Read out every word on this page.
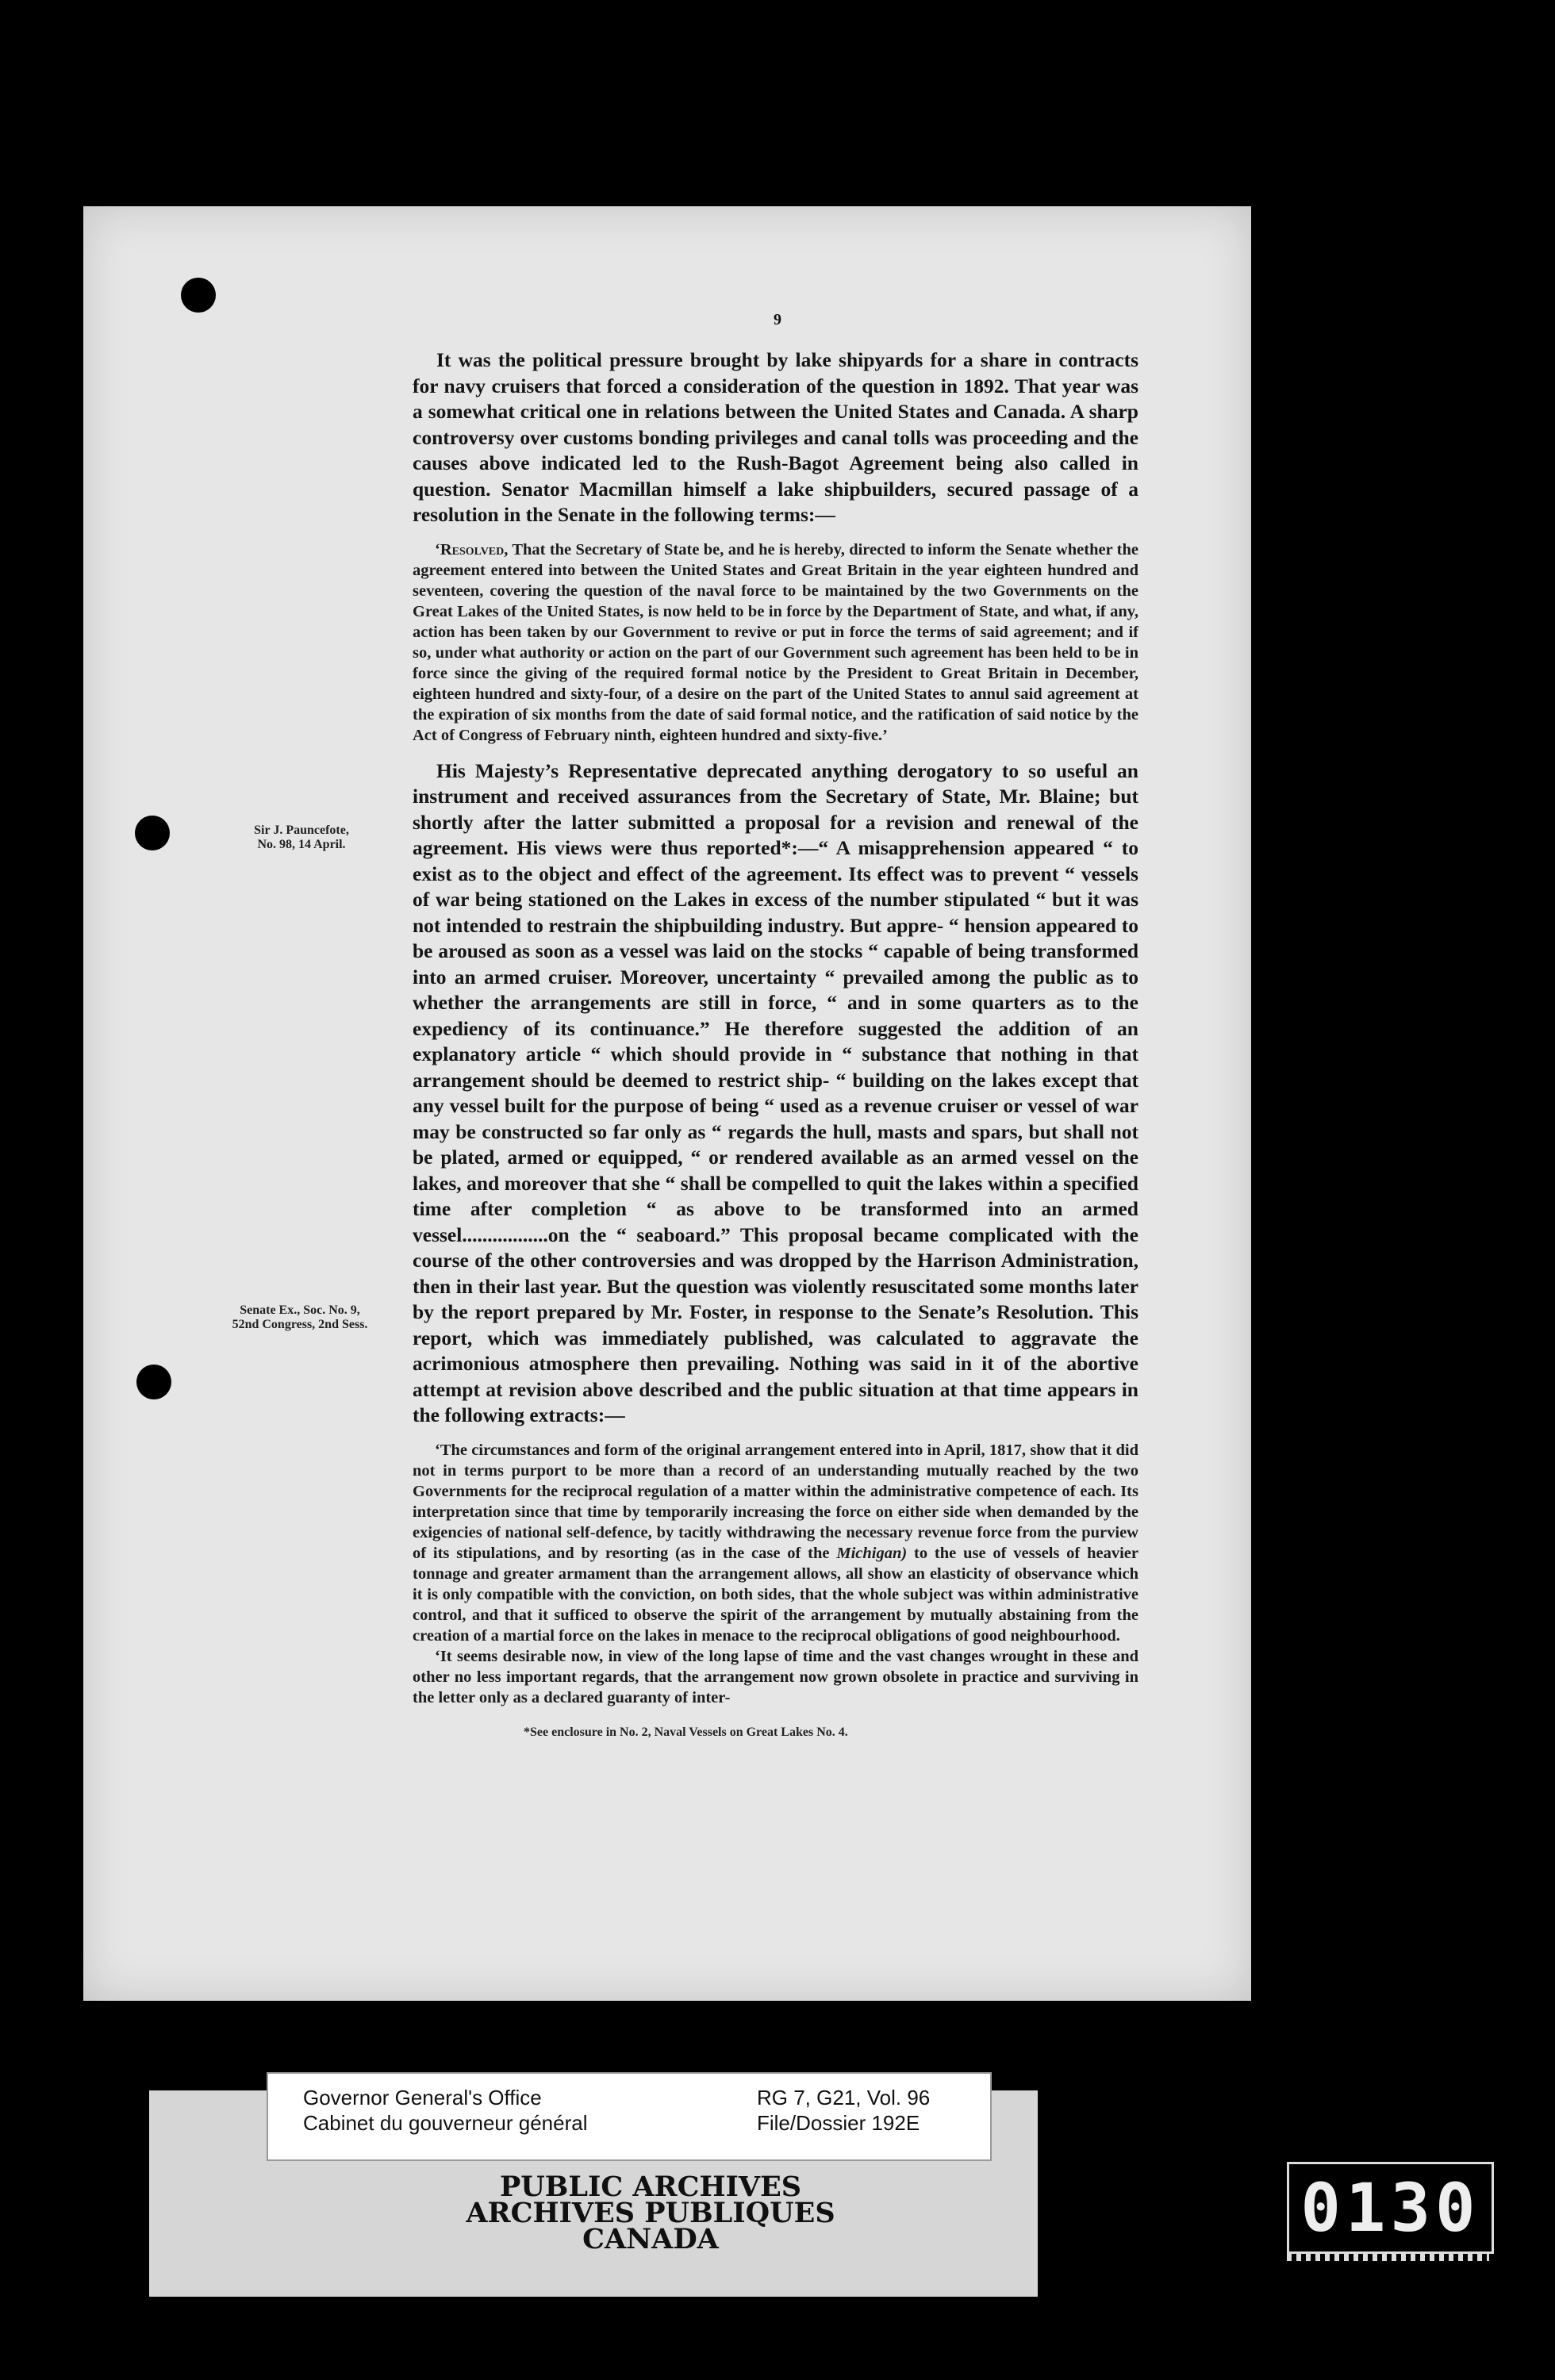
9
Sir J. Pauncefote,
No. 98, 14 April.
Senate Ex., Soc. No. 9,
52nd Congress, 2nd Sess.

It was the political pressure brought by lake shipyards for a share in contracts for navy cruisers that forced a consideration of the question in 1892. That year was a somewhat critical one in relations between the United States and Canada. A sharp controversy over customs bonding privileges and canal tolls was proceeding and the causes above indicated led to the Rush-Bagot Agreement being also called in question. Senator Macmillan himself a lake shipbuilders, secured passage of a resolution in the Senate in the following terms:—

‘Resolved, That the Secretary of State be, and he is hereby, directed to inform the Senate whether the agreement entered into between the United States and Great Britain in the year eighteen hundred and seventeen, covering the question of the naval force to be maintained by the two Governments on the Great Lakes of the United States, is now held to be in force by the Department of State, and what, if any, action has been taken by our Government to revive or put in force the terms of said agreement; and if so, under what authority or action on the part of our Government such agreement has been held to be in force since the giving of the required formal notice by the President to Great Britain in December, eighteen hundred and sixty-four, of a desire on the part of the United States to annul said agreement at the expiration of six months from the date of said formal notice, and the ratification of said notice by the Act of Congress of February ninth, eighteen hundred and sixty-five.’

His Majesty’s Representative deprecated anything derogatory to so useful an instrument and received assurances from the Secretary of State, Mr. Blaine; but shortly after the latter submitted a proposal for a revision and renewal of the agreement. His views were thus reported*:—“ A misapprehension appeared “ to exist as to the object and effect of the agreement. Its effect was to prevent “ vessels of war being stationed on the Lakes in excess of the number stipulated “ but it was not intended to restrain the shipbuilding industry. But appre- “ hension appeared to be aroused as soon as a vessel was laid on the stocks “ capable of being transformed into an armed cruiser. Moreover, uncertainty “ prevailed among the public as to whether the arrangements are still in force, “ and in some quarters as to the expediency of its continuance.” He therefore suggested the addition of an explanatory article “ which should provide in “ substance that nothing in that arrangement should be deemed to restrict ship- “ building on the lakes except that any vessel built for the purpose of being “ used as a revenue cruiser or vessel of war may be constructed so far only as “ regards the hull, masts and spars, but shall not be plated, armed or equipped, “ or rendered available as an armed vessel on the lakes, and moreover that she “ shall be compelled to quit the lakes within a specified time after completion “ as above to be transformed into an armed vessel.................on the “ seaboard.” This proposal became complicated with the course of the other controversies and was dropped by the Harrison Administration, then in their last year. But the question was violently resuscitated some months later by the report prepared by Mr. Foster, in response to the Senate’s Resolution. This report, which was immediately published, was calculated to aggravate the acrimonious atmosphere then prevailing. Nothing was said in it of the abortive attempt at revision above described and the public situation at that time appears in the following extracts:—

‘The circumstances and form of the original arrangement entered into in April, 1817, show that it did not in terms purport to be more than a record of an understanding mutually reached by the two Governments for the reciprocal regulation of a matter within the administrative competence of each. Its interpretation since that time by temporarily increasing the force on either side when demanded by the exigencies of national self-defence, by tacitly withdrawing the necessary revenue force from the purview of its stipulations, and by resorting (as in the case of the Michigan) to the use of vessels of heavier tonnage and greater armament than the arrangement allows, all show an elasticity of observance which it is only compatible with the conviction, on both sides, that the whole subject was within administrative control, and that it sufficed to observe the spirit of the arrangement by mutually abstaining from the creation of a martial force on the lakes in menace to the reciprocal obligations of good neighbourhood.

‘It seems desirable now, in view of the long lapse of time and the vast changes wrought in these and other no less important regards, that the arrangement now grown obsolete in practice and surviving in the letter only as a declared guaranty of inter-

*See enclosure in No. 2, Naval Vessels on Great Lakes No. 4.
Governor General's Office
Cabinet du gouverneur général
RG 7, G21, Vol. 96
File/Dossier 192E
PUBLIC ARCHIVES
ARCHIVES PUBLIQUES
CANADA	0130
